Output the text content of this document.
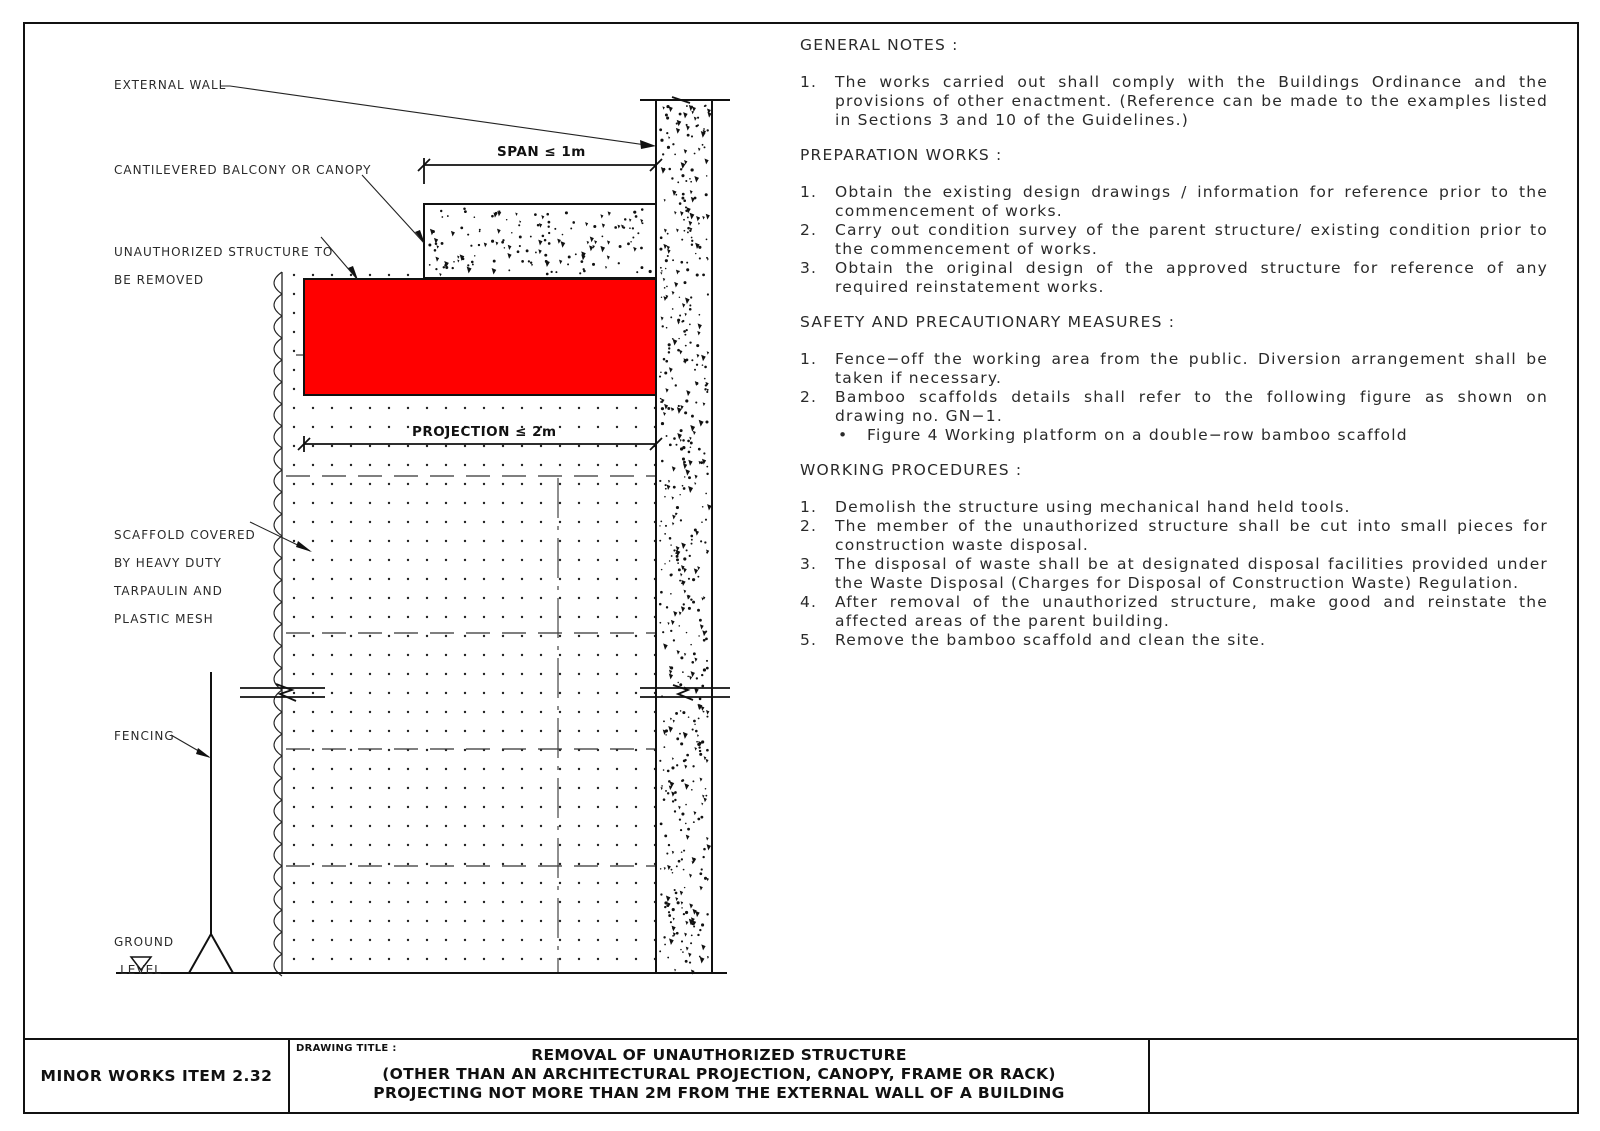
EXTERNAL WALL
CANTILEVERED BALCONY OR CANOPY

UNAUTHORIZED STRUCTURE TO

BE REMOVED

SCAFFOLD COVERED

BY HEAVY DUTY

TARPAULIN AND

PLASTIC MESH

FENCING

GROUND

LEVEL

SPAN ≤ 1m
PROJECTION ≤ 2m
GENERAL NOTES :
1. The works carried out shall comply with the Buildings Ordinance and the provisions of other enactment. (Reference can be made to the examples listed in Sections 3 and 10 of the Guidelines.)
PREPARATION WORKS :
1. Obtain the existing design drawings / information for reference prior to the commencement of works.
2. Carry out condition survey of the parent structure/ existing condition prior to the commencement of works.
3. Obtain the original design of the approved structure for reference of any required reinstatement works.
SAFETY AND PRECAUTIONARY MEASURES :
1. Fence−off the working area from the public. Diversion arrangement shall be taken if necessary.
2. Bamboo scaffolds details shall refer to the following figure as shown on drawing no. GN−1.
• Figure 4 Working platform on a double−row bamboo scaffold
WORKING PROCEDURES :
1. Demolish the structure using mechanical hand held tools.
2. The member of the unauthorized structure shall be cut into small pieces for construction waste disposal.
3. The disposal of waste shall be at designated disposal facilities provided under the Waste Disposal (Charges for Disposal of Construction Waste) Regulation.
4. After removal of the unauthorized structure, make good and reinstate the affected areas of the parent building.
5. Remove the bamboo scaffold and clean the site.
MINOR WORKS ITEM 2.32
DRAWING TITLE :	REMOVAL OF UNAUTHORIZED STRUCTURE
(OTHER THAN AN ARCHITECTURAL PROJECTION, CANOPY, FRAME OR RACK)
PROJECTING NOT MORE THAN 2M FROM THE EXTERNAL WALL OF A BUILDING
